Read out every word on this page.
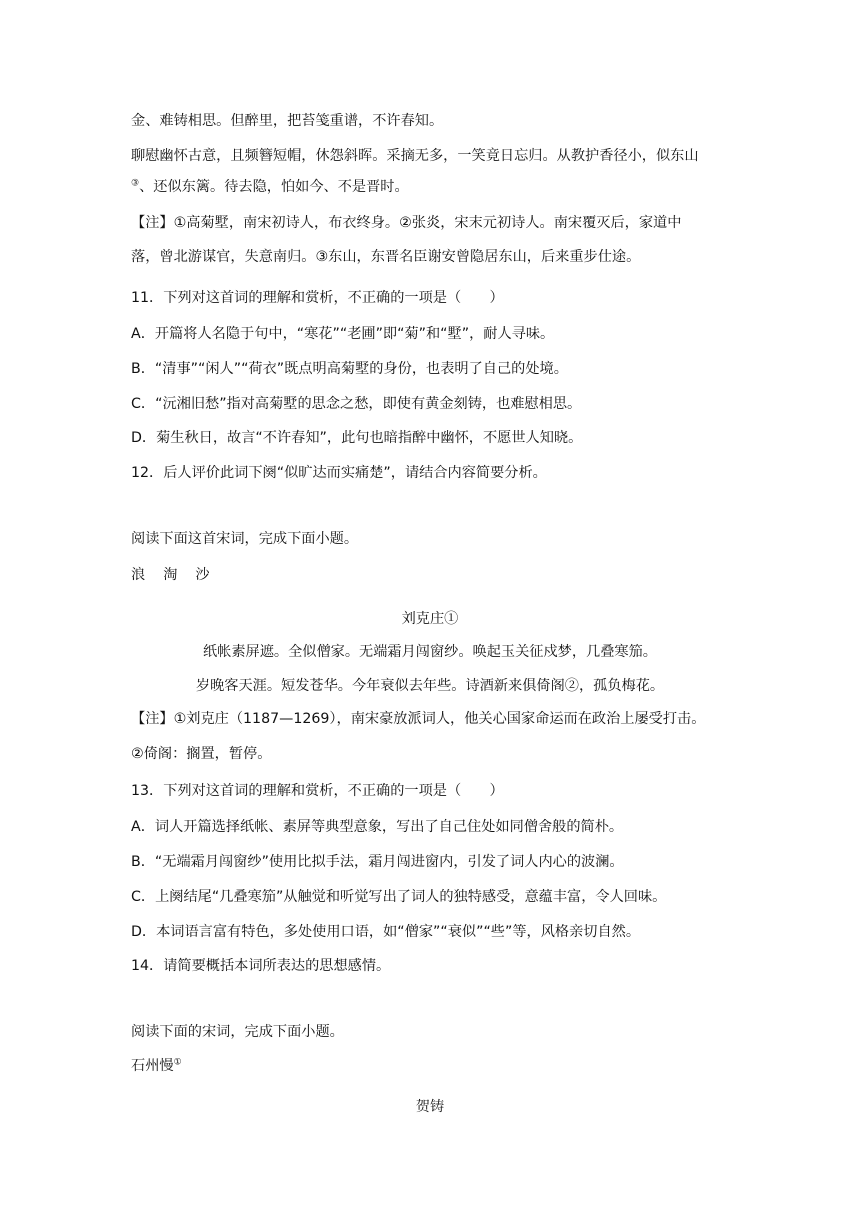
金、难铸相思。但醉里，把苔笺重谱，不许春知。
聊慰幽怀古意，且频簪短帽，休怨斜晖。采摘无多，一笑竟日忘归。从教护香径小，似东山
③、还似东篱。待去隐，怕如今、不是晋时。
【注】①高菊墅，南宋初诗人，布衣终身。②张炎，宋末元初诗人。南宋覆灭后，家道中
落，曾北游谋官，失意南归。③东山，东晋名臣谢安曾隐居东山，后来重步仕途。
11．下列对这首词的理解和赏析，不正确的一项是（　　）
A．开篇将人名隐于句中，“寒花”“老圃”即“菊”和“墅”，耐人寻味。
B．“清事”“闲人”“荷衣”既点明高菊墅的身份，也表明了自己的处境。
C．“沅湘旧愁”指对高菊墅的思念之愁，即使有黄金刻铸，也难慰相思。
D．菊生秋日，故言“不许春知”，此句也暗指醉中幽怀，不愿世人知晓。
12．后人评价此词下阕“似旷达而实痛楚”，请结合内容简要分析。
阅读下面这首宋词，完成下面小题。
浪淘沙
刘克庄①
纸帐素屏遮。全似僧家。无端霜月闯窗纱。唤起玉关征戍梦，几叠寒笳。
岁晚客天涯。短发苍华。今年衰似去年些。诗酒新来俱倚阁②，孤负梅花。
【注】①刘克庄（1187—1269），南宋豪放派词人，他关心国家命运而在政治上屡受打击。
②倚阁：搁置，暂停。
13．下列对这首词的理解和赏析，不正确的一项是（　　）
A．词人开篇选择纸帐、素屏等典型意象，写出了自己住处如同僧舍般的简朴。
B．“无端霜月闯窗纱”使用比拟手法，霜月闯进窗内，引发了词人内心的波澜。
C．上阕结尾“几叠寒笳”从触觉和听觉写出了词人的独特感受，意蕴丰富，令人回味。
D．本词语言富有特色，多处使用口语，如“僧家”“衰似”“些”等，风格亲切自然。
14．请简要概括本词所表达的思想感情。
阅读下面的宋词，完成下面小题。
石州慢①
贺铸
